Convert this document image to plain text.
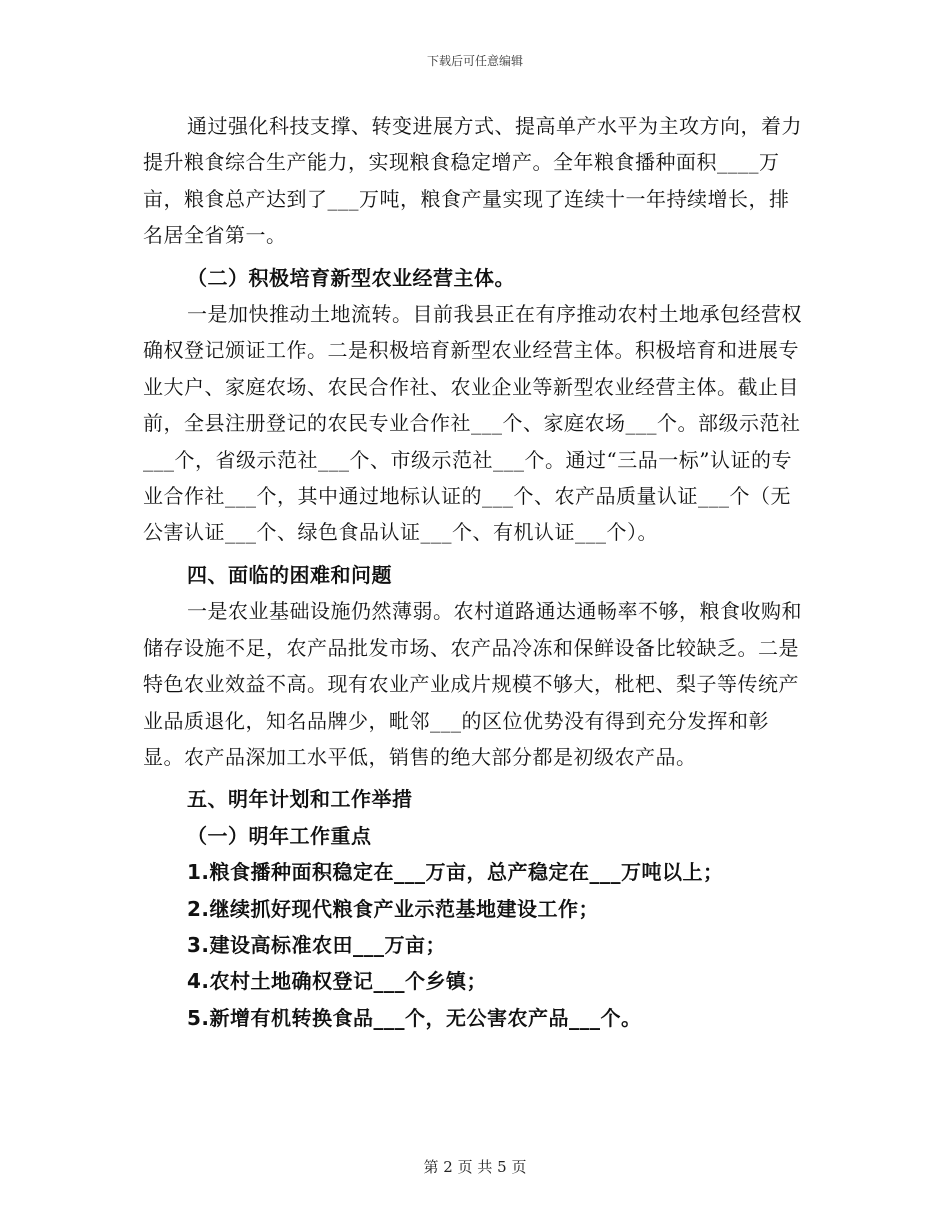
下载后可任意编辑

通过强化科技支撑、转变进展方式、提高单产水平为主攻方向，着力提升粮食综合生产能力，实现粮食稳定增产。全年粮食播种面积____万亩，粮食总产达到了___万吨，粮食产量实现了连续十一年持续增长，排名居全省第一。

（二）积极培育新型农业经营主体。

一是加快推动土地流转。目前我县正在有序推动农村土地承包经营权确权登记颁证工作。二是积极培育新型农业经营主体。积极培育和进展专业大户、家庭农场、农民合作社、农业企业等新型农业经营主体。截止目前，全县注册登记的农民专业合作社___个、家庭农场___个。部级示范社___个，省级示范社___个、市级示范社___个。通过“三品一标”认证的专业合作社___个，其中通过地标认证的___个、农产品质量认证___个（无公害认证___个、绿色食品认证___个、有机认证___个）。

四、面临的困难和问题

一是农业基础设施仍然薄弱。农村道路通达通畅率不够，粮食收购和储存设施不足，农产品批发市场、农产品冷冻和保鲜设备比较缺乏。二是特色农业效益不高。现有农业产业成片规模不够大，枇杷、梨子等传统产业品质退化，知名品牌少，毗邻___的区位优势没有得到充分发挥和彰显。农产品深加工水平低，销售的绝大部分都是初级农产品。

五、明年计划和工作举措

（一）明年工作重点

1.粮食播种面积稳定在___万亩，总产稳定在___万吨以上；

2.继续抓好现代粮食产业示范基地建设工作；

3.建设高标准农田___万亩；

4.农村土地确权登记___个乡镇；

5.新增有机转换食品___个，无公害农产品___个。

第 2 页 共 5 页
